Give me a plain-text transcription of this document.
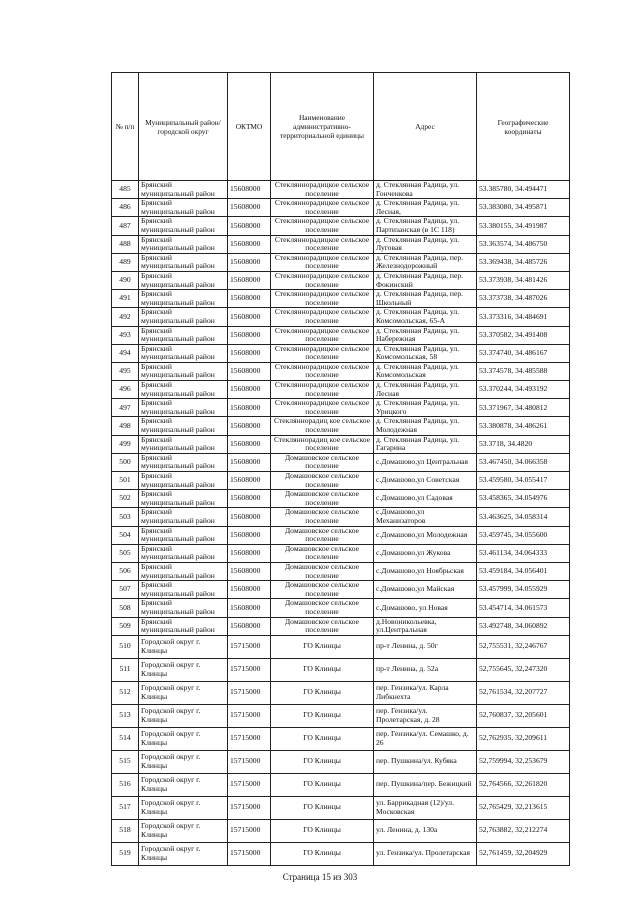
№ п/п	Муниципальный район/городской округ	ОКТМО	Наименование административно-территориальной единицы	Адрес	Географические координаты
485	Брянский муниципальный район	15608000	Стекляннорадицкое сельское поселение	д. Стеклянная Радица, ул. Гонченкова	53.385780, 34.494471
486	Брянский муниципальный район	15608000	Стекляннорадицкое сельское поселение	д. Стеклянная Радица, ул. Лесная,	53.383080, 34.495871
487	Брянский муниципальный район	15608000	Стекляннорадицкое сельское поселение	д. Стеклянная Радица, ул. Партизанская (в 1С 118)	53.380155, 34.491987
488	Брянский муниципальный район	15608000	Стекляннорадицкое сельское поселение	д. Стеклянная Радица, ул. Луговая	53.363574, 34.486750
489	Брянский муниципальный район	15608000	Стекляннорадицкое сельское поселение	д. Стеклянная Радица, пер. Железнодорожный	53.369438, 34.485726
490	Брянский муниципальный район	15608000	Стекляннорадицкое сельское поселение	д. Стеклянная Радица, пер. Фокинский	53.373938, 34.481426
491	Брянский муниципальный район	15608000	Стекляннорадицкое сельское поселение	д. Стеклянная Радица, пер. Школьный	53.373738, 34.487026
492	Брянский муниципальный район	15608000	Стекляннорадицкое сельское поселение	д. Стеклянная Радица, ул. Комсомольская, 65-А	53.373316, 34.484691
493	Брянский муниципальный район	15608000	Стекляннорадицкое сельское поселение	д. Стеклянная Радица, ул. Набережная	53.370582, 34.491408
494	Брянский муниципальный район	15608000	Стекляннорадицкое сельское поселение	д. Стеклянная Радица, ул. Комсомольская, 58	53.374740, 34.486167
495	Брянский муниципальный район	15608000	Стекляннорадицкое сельское поселение	д. Стеклянная Радица, ул. Комсомольская	53.374578, 34.485588
496	Брянский муниципальный район	15608000	Стекляннорадицкое сельское поселение	д. Стеклянная Радица, ул. Лесная	53.370244, 34.493192
497	Брянский муниципальный район	15608000	Стекляннорадицкое сельское поселение	д. Стеклянная Радица, ул. Урицкого	53.371967, 34.480812
498	Брянский муниципальный район	15608000	Стекляннорадиц кое сельское поселение	д. Стеклянная Радица, ул. Молодежная	53.380878, 34.486261
499	Брянский муниципальный район	15608000	Стекляннорадиц кое сельское поселение	д. Стеклянная Радица, ул. Гагарина	53.3718, 34.4820
500	Брянский муниципальный район	15608000	Домашовское сельское поселение	с.Домашово,ул Центральная	53.467450, 34.066358
501	Брянский муниципальный район	15608000	Домашовское сельское поселение	с.Домашово,ул Советская	53.459580, 34.055417
502	Брянский муниципальный район	15608000	Домашовское сельское поселение	с.Домашово,ул Садовая	53.458365, 34.054976
503	Брянский муниципальный район	15608000	Домашовское сельское поселение	с.Домашово,ул Механизаторов	53.463625, 34.058314
504	Брянский муниципальный район	15608000	Домашовское сельское поселение	с.Домашово,ул Молодежная	53.459745, 34.055600
505	Брянский муниципальный район	15608000	Домашовское сельское поселение	с.Домашово,ул Жукова	53.461134, 34.064333
506	Брянский муниципальный район	15608000	Домашовское сельское поселение	с.Домашово,ул Ноябрьская	53.459184, 34.056401
507	Брянский муниципальный район	15608000	Домашовское сельское поселение	с.Домашово,ул Майская	53.457999, 34.055929
508	Брянский муниципальный район	15608000	Домашовское сельское поселение	с.Домашово, ул Новая	53.454714, 34.061573
509	Брянский муниципальный район	15608000	Домашовское сельское поселение	д.Новоникольевка, ул.Центральная	53.492748, 34.060892
510	Городской округ г. Клинцы	15715000	ГО Клинцы	пр-т Ленина, д. 50г	52,755531, 32,246767
511	Городской округ г. Клинцы	15715000	ГО Клинцы	пр-т Ленина, д. 52а	52,755645, 32,247320
512	Городской округ г. Клинцы	15715000	ГО Клинцы	пер. Гензика/ул. Карла Либкнехта	52,761534, 32,207727
513	Городской округ г. Клинцы	15715000	ГО Клинцы	пер. Гензика/ул. Пролетарская, д. 28	52,760837, 32,205601
514	Городской округ г. Клинцы	15715000	ГО Клинцы	пер. Гензика/ул. Семашко, д. 26	52,762935, 32,209611
515	Городской округ г. Клинцы	15715000	ГО Клинцы	пер. Пушкина/ул. Кубяка	52,759994, 32,253679
516	Городской округ г. Клинцы	15715000	ГО Клинцы	пер. Пушкина/пер. Бежицкий	52,764566, 32,261820
517	Городской округ г. Клинцы	15715000	ГО Клинцы	ул. Баррикадная (12)/ул. Московская	52,765429, 32,213615
518	Городской округ г. Клинцы	15715000	ГО Клинцы	ул. Ленина, д. 130а	52,763882, 32,212274
519	Городской округ г. Клинцы	15715000	ГО Клинцы	ул. Гензика/ул. Пролетарская	52,761459, 32,204929
Страница 15 из 303
